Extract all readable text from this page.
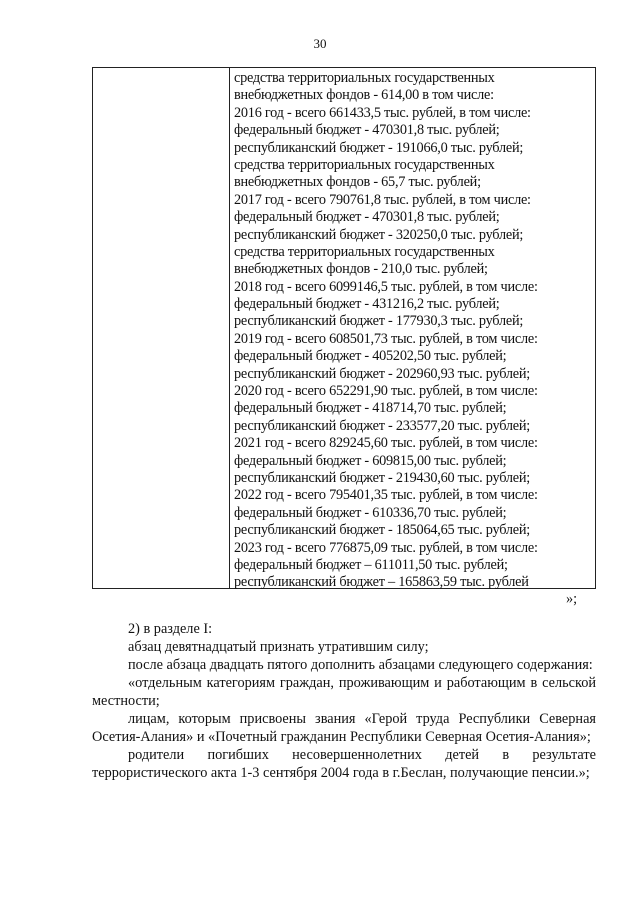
30
средства территориальных государственных
внебюджетных фондов - 614,00 в том числе:
2016 год - всего 661433,5 тыс. рублей, в том числе:
федеральный бюджет - 470301,8 тыс. рублей;
республиканский бюджет - 191066,0 тыс. рублей;
средства территориальных государственных
внебюджетных фондов - 65,7 тыс. рублей;
2017 год - всего 790761,8 тыс. рублей, в том числе:
федеральный бюджет - 470301,8 тыс. рублей;
республиканский бюджет - 320250,0 тыс. рублей;
средства территориальных государственных
внебюджетных фондов - 210,0 тыс. рублей;
2018 год - всего 6099146,5 тыс. рублей, в том числе:
федеральный бюджет - 431216,2 тыс. рублей;
республиканский бюджет - 177930,3 тыс. рублей;
2019 год - всего 608501,73 тыс. рублей, в том числе:
федеральный бюджет - 405202,50 тыс. рублей;
республиканский бюджет - 202960,93 тыс. рублей;
2020 год - всего 652291,90 тыс. рублей, в том числе:
федеральный бюджет - 418714,70 тыс. рублей;
республиканский бюджет - 233577,20 тыс. рублей;
2021 год - всего 829245,60 тыс. рублей, в том числе:
федеральный бюджет - 609815,00 тыс. рублей;
республиканский бюджет - 219430,60 тыс. рублей;
2022 год - всего 795401,35 тыс. рублей, в том числе:
федеральный бюджет - 610336,70 тыс. рублей;
республиканский бюджет - 185064,65 тыс. рублей;
2023 год - всего 776875,09 тыс. рублей, в том числе:
федеральный бюджет – 611011,50 тыс. рублей;
республиканский бюджет – 165863,59 тыс. рублей
»;
2) в разделе I:
абзац девятнадцатый признать утратившим силу;
после абзаца двадцать пятого дополнить абзацами следующего содержания:
«отдельным категориям граждан, проживающим и работающим в сельской местности;
лицам, которым присвоены звания «Герой труда Республики Северная Осетия-Алания» и «Почетный гражданин Республики Северная Осетия-Алания»;
родители погибших несовершеннолетних детей в результате террористического акта 1-3 сентября 2004 года в г.Беслан, получающие пенсии.»;
